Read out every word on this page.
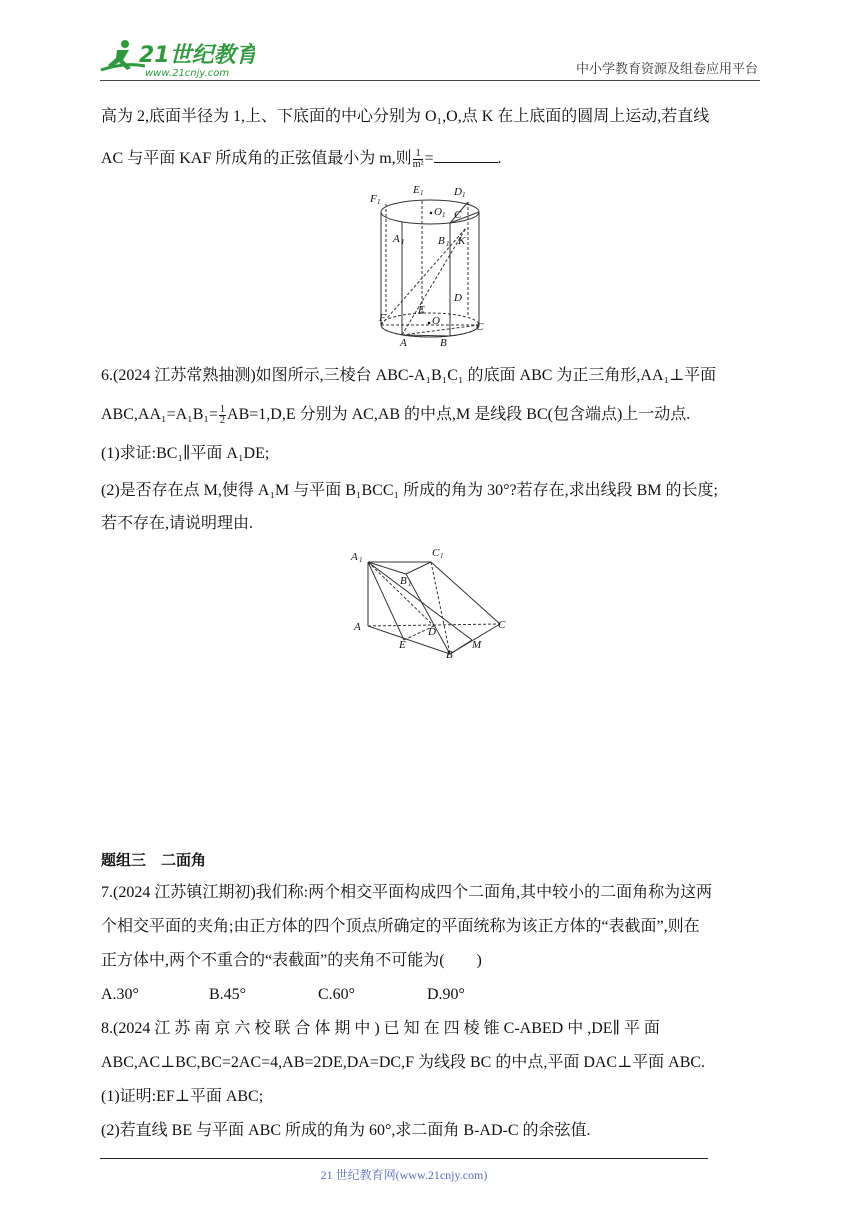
21世纪教育
www.21cnjy.com	中小学教育资源及组卷应用平台
高为 2,底面半径为 1,上、下底面的中心分别为 O₁,O,点 K 在上底面的圆周上运动,若直线
AC 与平面 KAF 所成角的正弦值最小为 m,则 $\frac{1}{\text{m²}}$ =	.
F
E	D
O C
A	B K
D
E
O
F
C
A	B
1
1	1
1
1	1
6.(2024 江苏常熟抽测)如图所示,三棱台 ABC-A₁B₁C₁ 的底面 ABC 为正三角形,AA₁⊥平面
$ABC,AA_1=A_1B_1= \frac{1}{2} AB=1,D,E$ 分别为 AC,AB 的中点,M 是线段 BC(包含端点)上一动点.
(1)求证:BC₁∥平面 A₁DE;
(2)是否存在点 M,使得 A₁M 与平面 B₁BCC₁ 所成的角为 30°?若存在,求出线段 BM 的长度;
若不存在,请说明理由.
A	C
B
A
E
D
B
M
C
1	1
1
题组三　二面角
7.(2024 江苏镇江期初)我们称:两个相交平面构成四个二面角,其中较小的二面角称为这两
个相交平面的夹角;由正方体的四个顶点所确定的平面统称为该正方体的“表截面”,则在
正方体中,两个不重合的“表截面”的夹角不可能为(　　)
A.30°	B.45°	C.60°	D.90°
8.(2024 江 苏 南 京 六 校 联 合 体 期 中 ) 已 知 在 四 棱 锥 C-ABED 中 ,DE∥ 平 面
ABC,AC⊥BC,BC=2AC=4,AB=2DE,DA=DC,F 为线段 BC 的中点,平面 DAC⊥平面 ABC.
(1)证明:EF⊥平面 ABC;
(2)若直线 BE 与平面 ABC 所成的角为 60°,求二面角 B-AD-C 的余弦值.
21 世纪教育网(www.21cnjy.com)
